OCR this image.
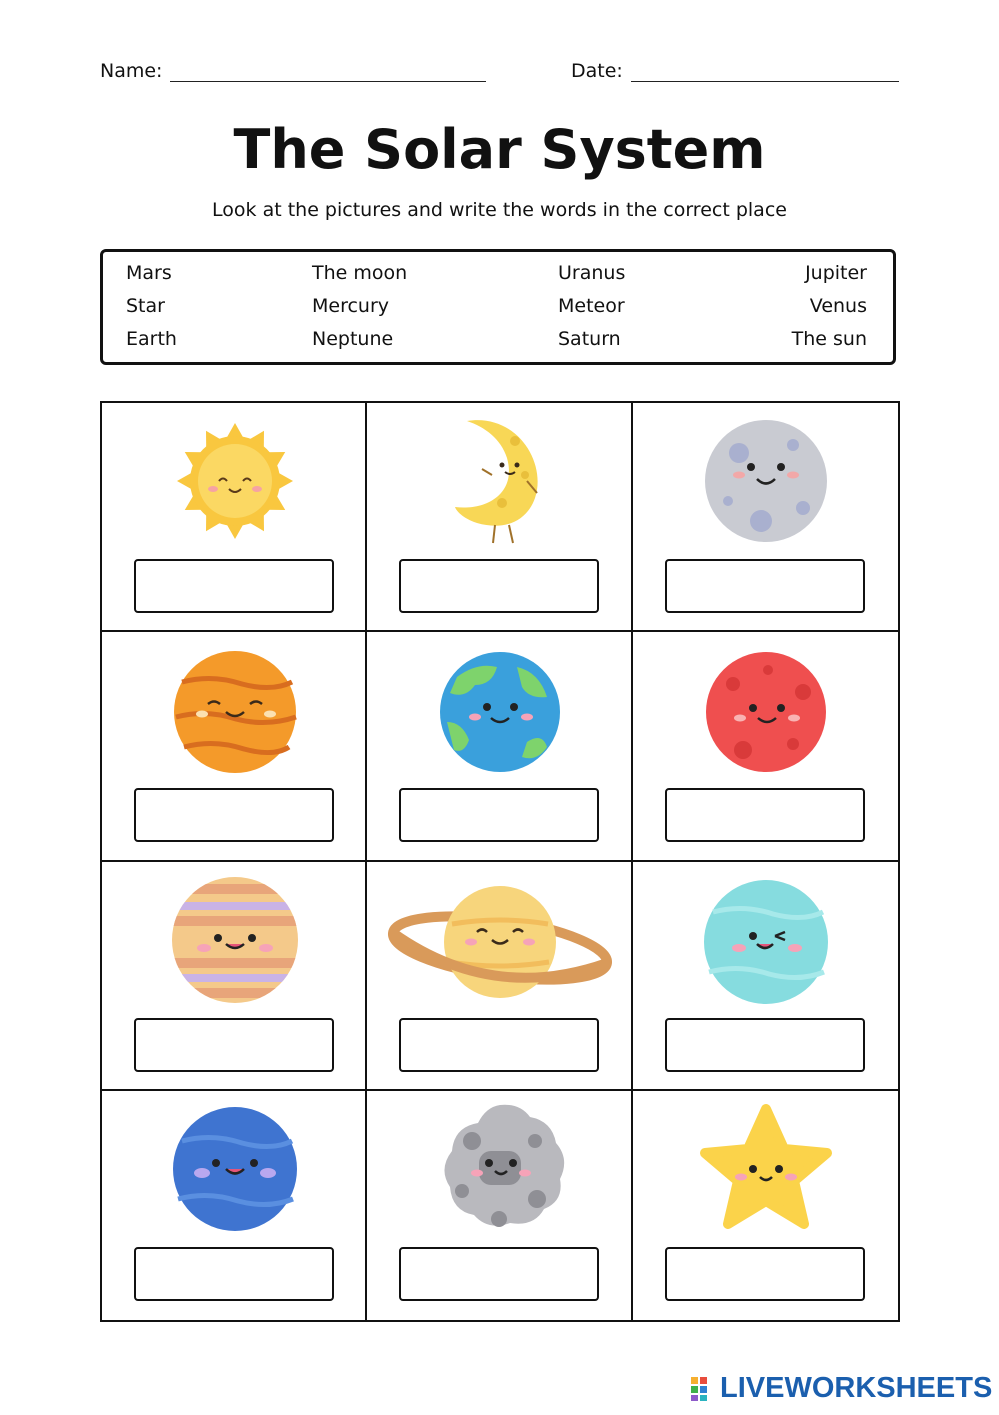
Name:	Date:
The Solar System
Look at the pictures and write the words in the correct place
Mars
Star
Earth
The moon
Mercury
Neptune
Uranus
Meteor
Saturn
Jupiter
Venus
The sun
LIVEWORKSHEETS
